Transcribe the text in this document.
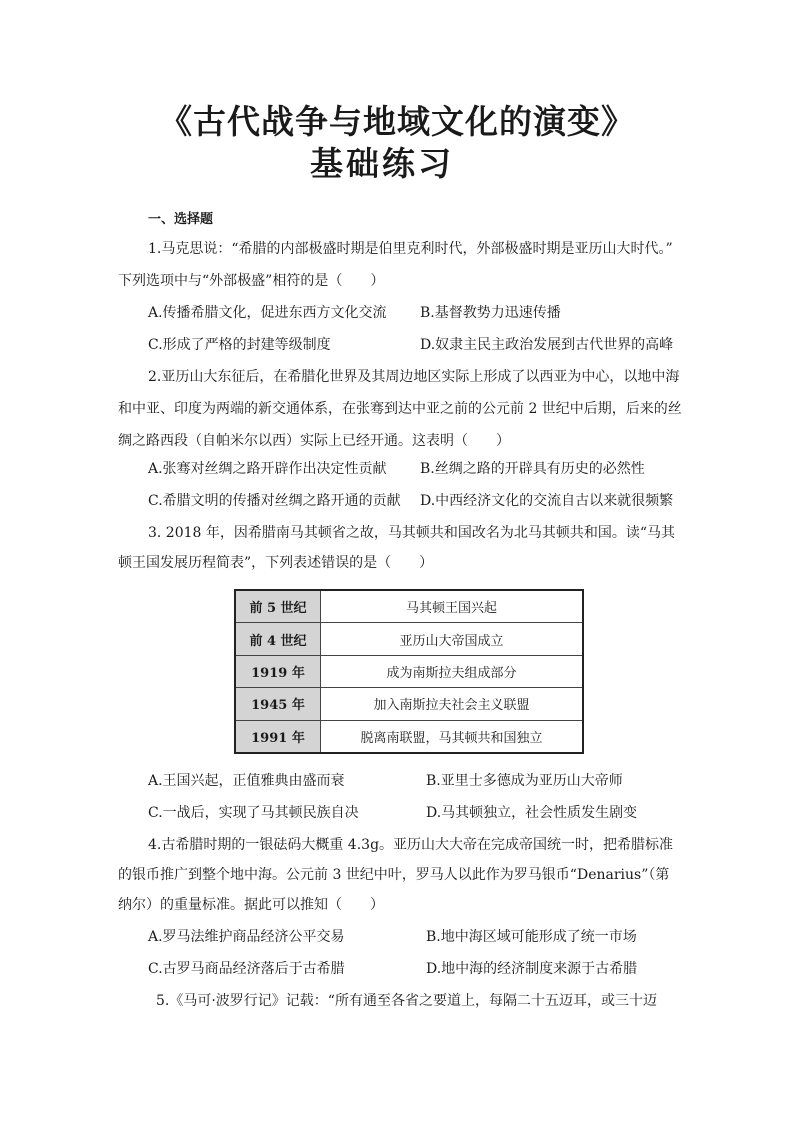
《古代战争与地域文化的演变》
基础练习
一、选择题
1.马克思说：“希腊的内部极盛时期是伯里克利时代，外部极盛时期是亚历山大时代。”
下列选项中与“外部极盛”相符的是（　　）
A.传播希腊文化，促进东西方文化交流 B.基督教势力迅速传播
C.形成了严格的封建等级制度	D.奴隶主民主政治发展到古代世界的高峰
2.亚历山大东征后，在希腊化世界及其周边地区实际上形成了以西亚为中心，以地中海
和中亚、印度为两端的新交通体系，在张骞到达中亚之前的公元前 2 世纪中后期，后来的丝
绸之路西段（自帕米尔以西）实际上已经开通。这表明（　　）
A.张骞对丝绸之路开辟作出决定性贡献 B.丝绸之路的开辟具有历史的必然性
C.希腊文明的传播对丝绸之路开通的贡献 D.中西经济文化的交流自古以来就很频繁
3. 2018 年，因希腊南马其顿省之故，马其顿共和国改名为北马其顿共和国。读“马其
顿王国发展历程简表”，下列表述错误的是（　　）
前 5 世纪	马其顿王国兴起
前 4 世纪	亚历山大帝国成立
1919 年	成为南斯拉夫组成部分
1945 年	加入南斯拉夫社会主义联盟
1991 年	脱离南联盟，马其顿共和国独立
A.王国兴起，正值雅典由盛而衰	B.亚里士多德成为亚历山大帝师
C.一战后，实现了马其顿民族自决	D.马其顿独立，社会性质发生剧变
4.古希腊时期的一银砝码大概重 4.3g。亚历山大大帝在完成帝国统一时，把希腊标准
的银币推广到整个地中海。公元前 3 世纪中叶，罗马人以此作为罗马银币“Denarius”（第
纳尔）的重量标准。据此可以推知（　　）
A.罗马法维护商品经济公平交易	B.地中海区域可能形成了统一市场
C.古罗马商品经济落后于古希腊	D.地中海的经济制度来源于古希腊
5.《马可·波罗行记》记载：“所有通至各省之要道上，每隔二十五迈耳，或三十迈
